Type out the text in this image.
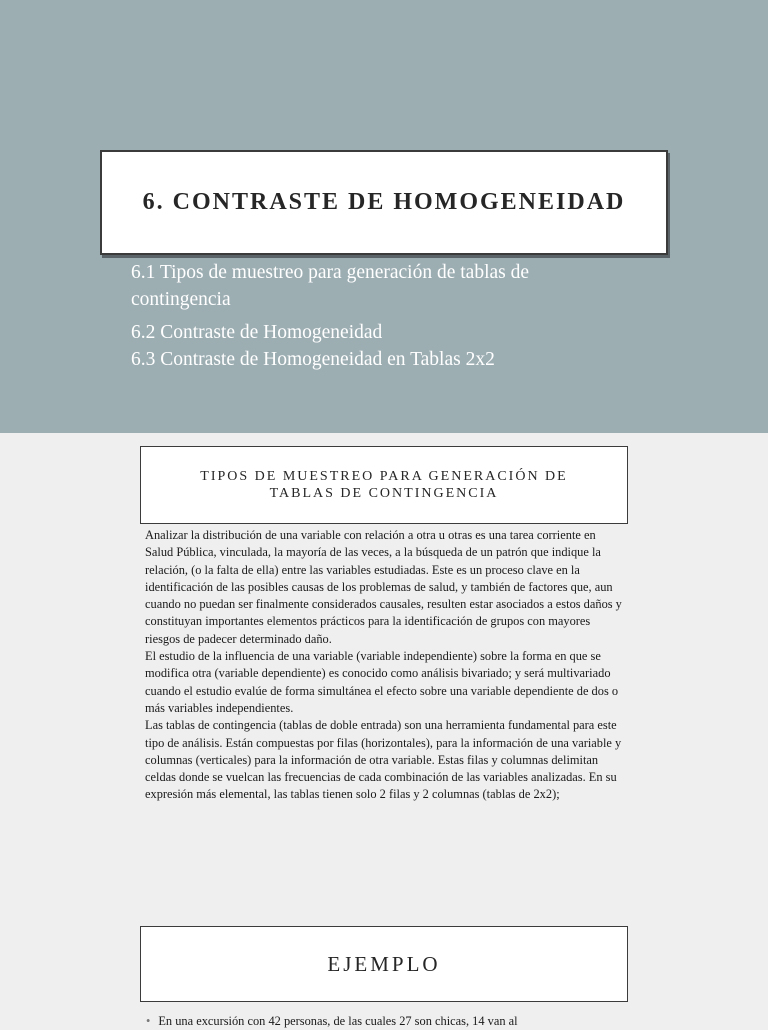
6. CONTRASTE DE HOMOGENEIDAD
6.1 Tipos de muestreo para generación de tablas de contingencia
6.2 Contraste de Homogeneidad
6.3 Contraste de Homogeneidad en Tablas 2x2
TIPOS DE MUESTREO PARA GENERACIÓN DE TABLAS DE CONTINGENCIA

Analizar la distribución de una variable con relación a otra u otras es una tarea corriente en Salud Pública, vinculada, la mayoría de las veces, a la búsqueda de un patrón que indique la relación, (o la falta de ella) entre las variables estudiadas. Este es un proceso clave en la identificación de las posibles causas de los problemas de salud, y también de factores que, aun cuando no puedan ser finalmente considerados causales, resulten estar asociados a estos daños y constituyan importantes elementos prácticos para la identificación de grupos con mayores riesgos de padecer determinado daño.

El estudio de la influencia de una variable (variable independiente) sobre la forma en que se modifica otra (variable dependiente) es conocido como análisis bivariado; y será multivariado cuando el estudio evalúe de forma simultánea el efecto sobre una variable dependiente de dos o más variables independientes.

Las tablas de contingencia (tablas de doble entrada) son una herramienta fundamental para este tipo de análisis. Están compuestas por filas (horizontales), para la información de una variable y columnas (verticales) para la información de otra variable. Estas filas y columnas delimitan celdas donde se vuelcan las frecuencias de cada combinación de las variables analizadas. En su expresión más elemental, las tablas tienen solo 2 filas y 2 columnas (tablas de 2x2);

EJEMPLO
• En una excursión con 42 personas, de las cuales 27 son chicas, 14 van al
